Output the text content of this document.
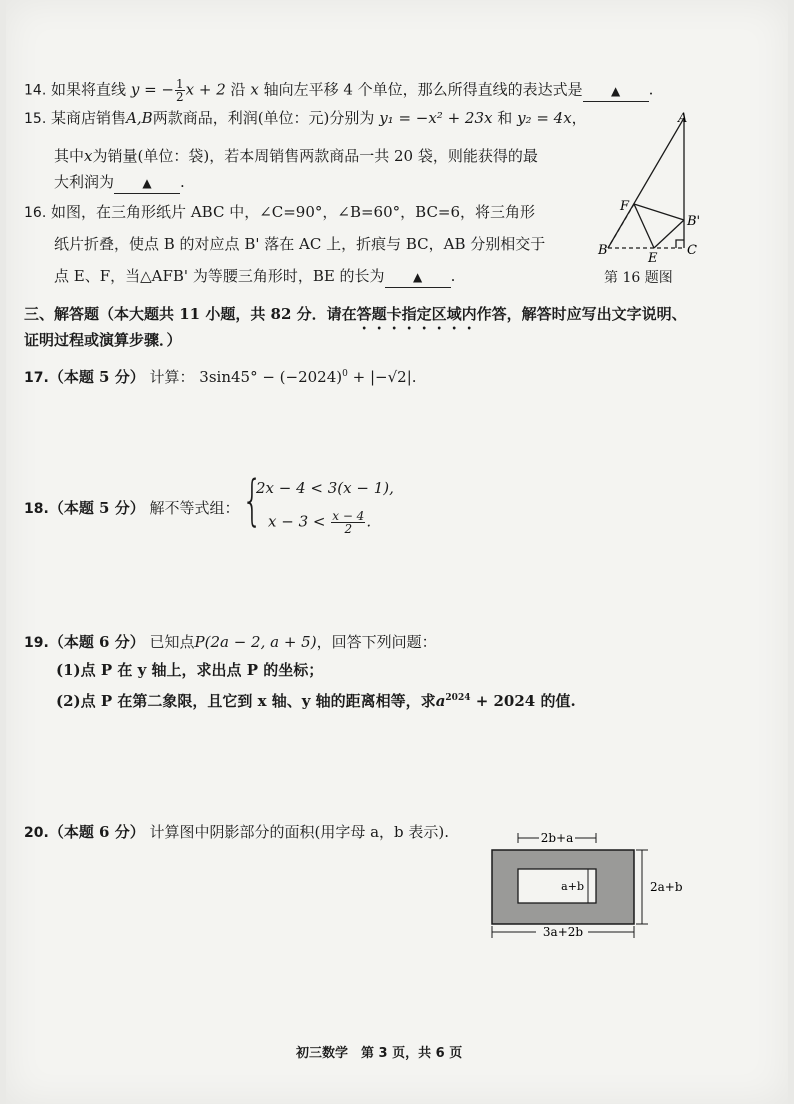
14. 如果将直线 y = − $\frac{1}{2}$ x + 2 沿 x 轴向左平移 4 个单位，那么所得直线的表达式是 ▲ .
15. 某商店销售A,B两款商品，利润(单位：元)分别为 y₁ = −x² + 23x 和 y₂ = 4x，
其中x为销量(单位：袋)，若本周销售两款商品一共 20 袋，则能获得的最
大利润为 ▲ .
16. 如图，在三角形纸片 ABC 中，∠C=90°，∠B=60°，BC=6，将三角形
纸片折叠，使点 B 的对应点 B' 落在 AC 上，折痕与 BC，AB 分别相交于
点 E、F，当△AFB' 为等腰三角形时，BE 的长为 ▲ .
A
F
B'
B
E
C
第 16 题图
三、解答题（本大题共 11 小题，共 82 分．请在答题卡指定区域内作答，解答时应写出文字说明、
证明过程或演算步骤．）
17.（本题 5 分） 计算： $3\sin 45^\circ - (-2024)^0 + |-√2|$.
18.（本题 5 分） 解不等式组： {
2x − 4 < 3(x − 1),
$x - 3 < \frac{x - 4}{2}$ .
19.（本题 6 分） 已知点P(2a − 2, a + 5)，回答下列问题：
(1)点 P 在 y 轴上，求出点 P 的坐标；
(2)点 P 在第二象限，且它到 x 轴、y 轴的距离相等，求$a^{2024} + 2024$ 的值.
20.（本题 6 分） 计算图中阴影部分的面积(用字母 a，b 表示).	2b+a
a+b	2a+b
3a+2b
初三数学　第 3 页，共 6 页
